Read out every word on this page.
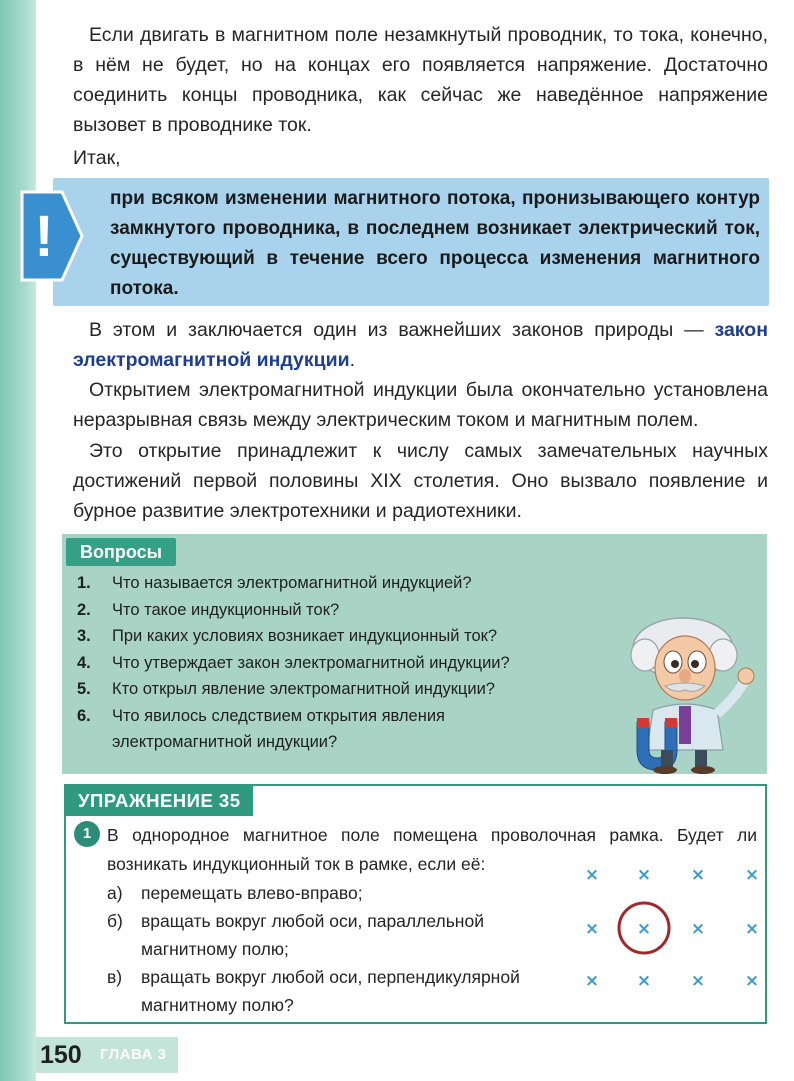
Если двигать в магнитном поле незамкнутый проводник, то тока, конечно, в нём не будет, но на концах его появляется напряжение. Достаточно соединить концы проводника, как сейчас же наведённое напряжение вызовет в проводнике ток.

Итак,

!

при всяком изменении магнитного потока, пронизывающего контур замкнутого проводника, в последнем возникает электрический ток, существующий в течение всего процесса изменения магнитного потока.

В этом и заключается один из важнейших законов природы — закон электромагнитной индукции.

Открытием электромагнитной индукции была окончательно установлена неразрывная связь между электрическим током и магнитным полем.

Это открытие принадлежит к числу самых замечательных научных достижений первой половины XIX столетия. Оно вызвало появление и бурное развитие электротехники и радиотехники.

Вопросы
1. Что называется электромагнитной индукцией?
2. Что такое индукционный ток?
3. При каких условиях возникает индукционный ток?
4. Что утверждает закон электромагнитной индукции?
5. Кто открыл явление электромагнитной индукции?
6. Что явилось следствием открытия явления электромагнитной индукции?
УПРАЖНЕНИЕ 35
1 В однородное магнитное поле помещена проволочная рамка. Будет ли возникать индукционный ток в рамке, если её:

а) перемещать влево-вправо;
б) вращать вокруг любой оси, параллельной магнитному полю;
в) вращать вокруг любой оси, перпендикулярной магнитному полю?
× × × ×
× × × ×
× × × ×
150 ГЛАВА 3
